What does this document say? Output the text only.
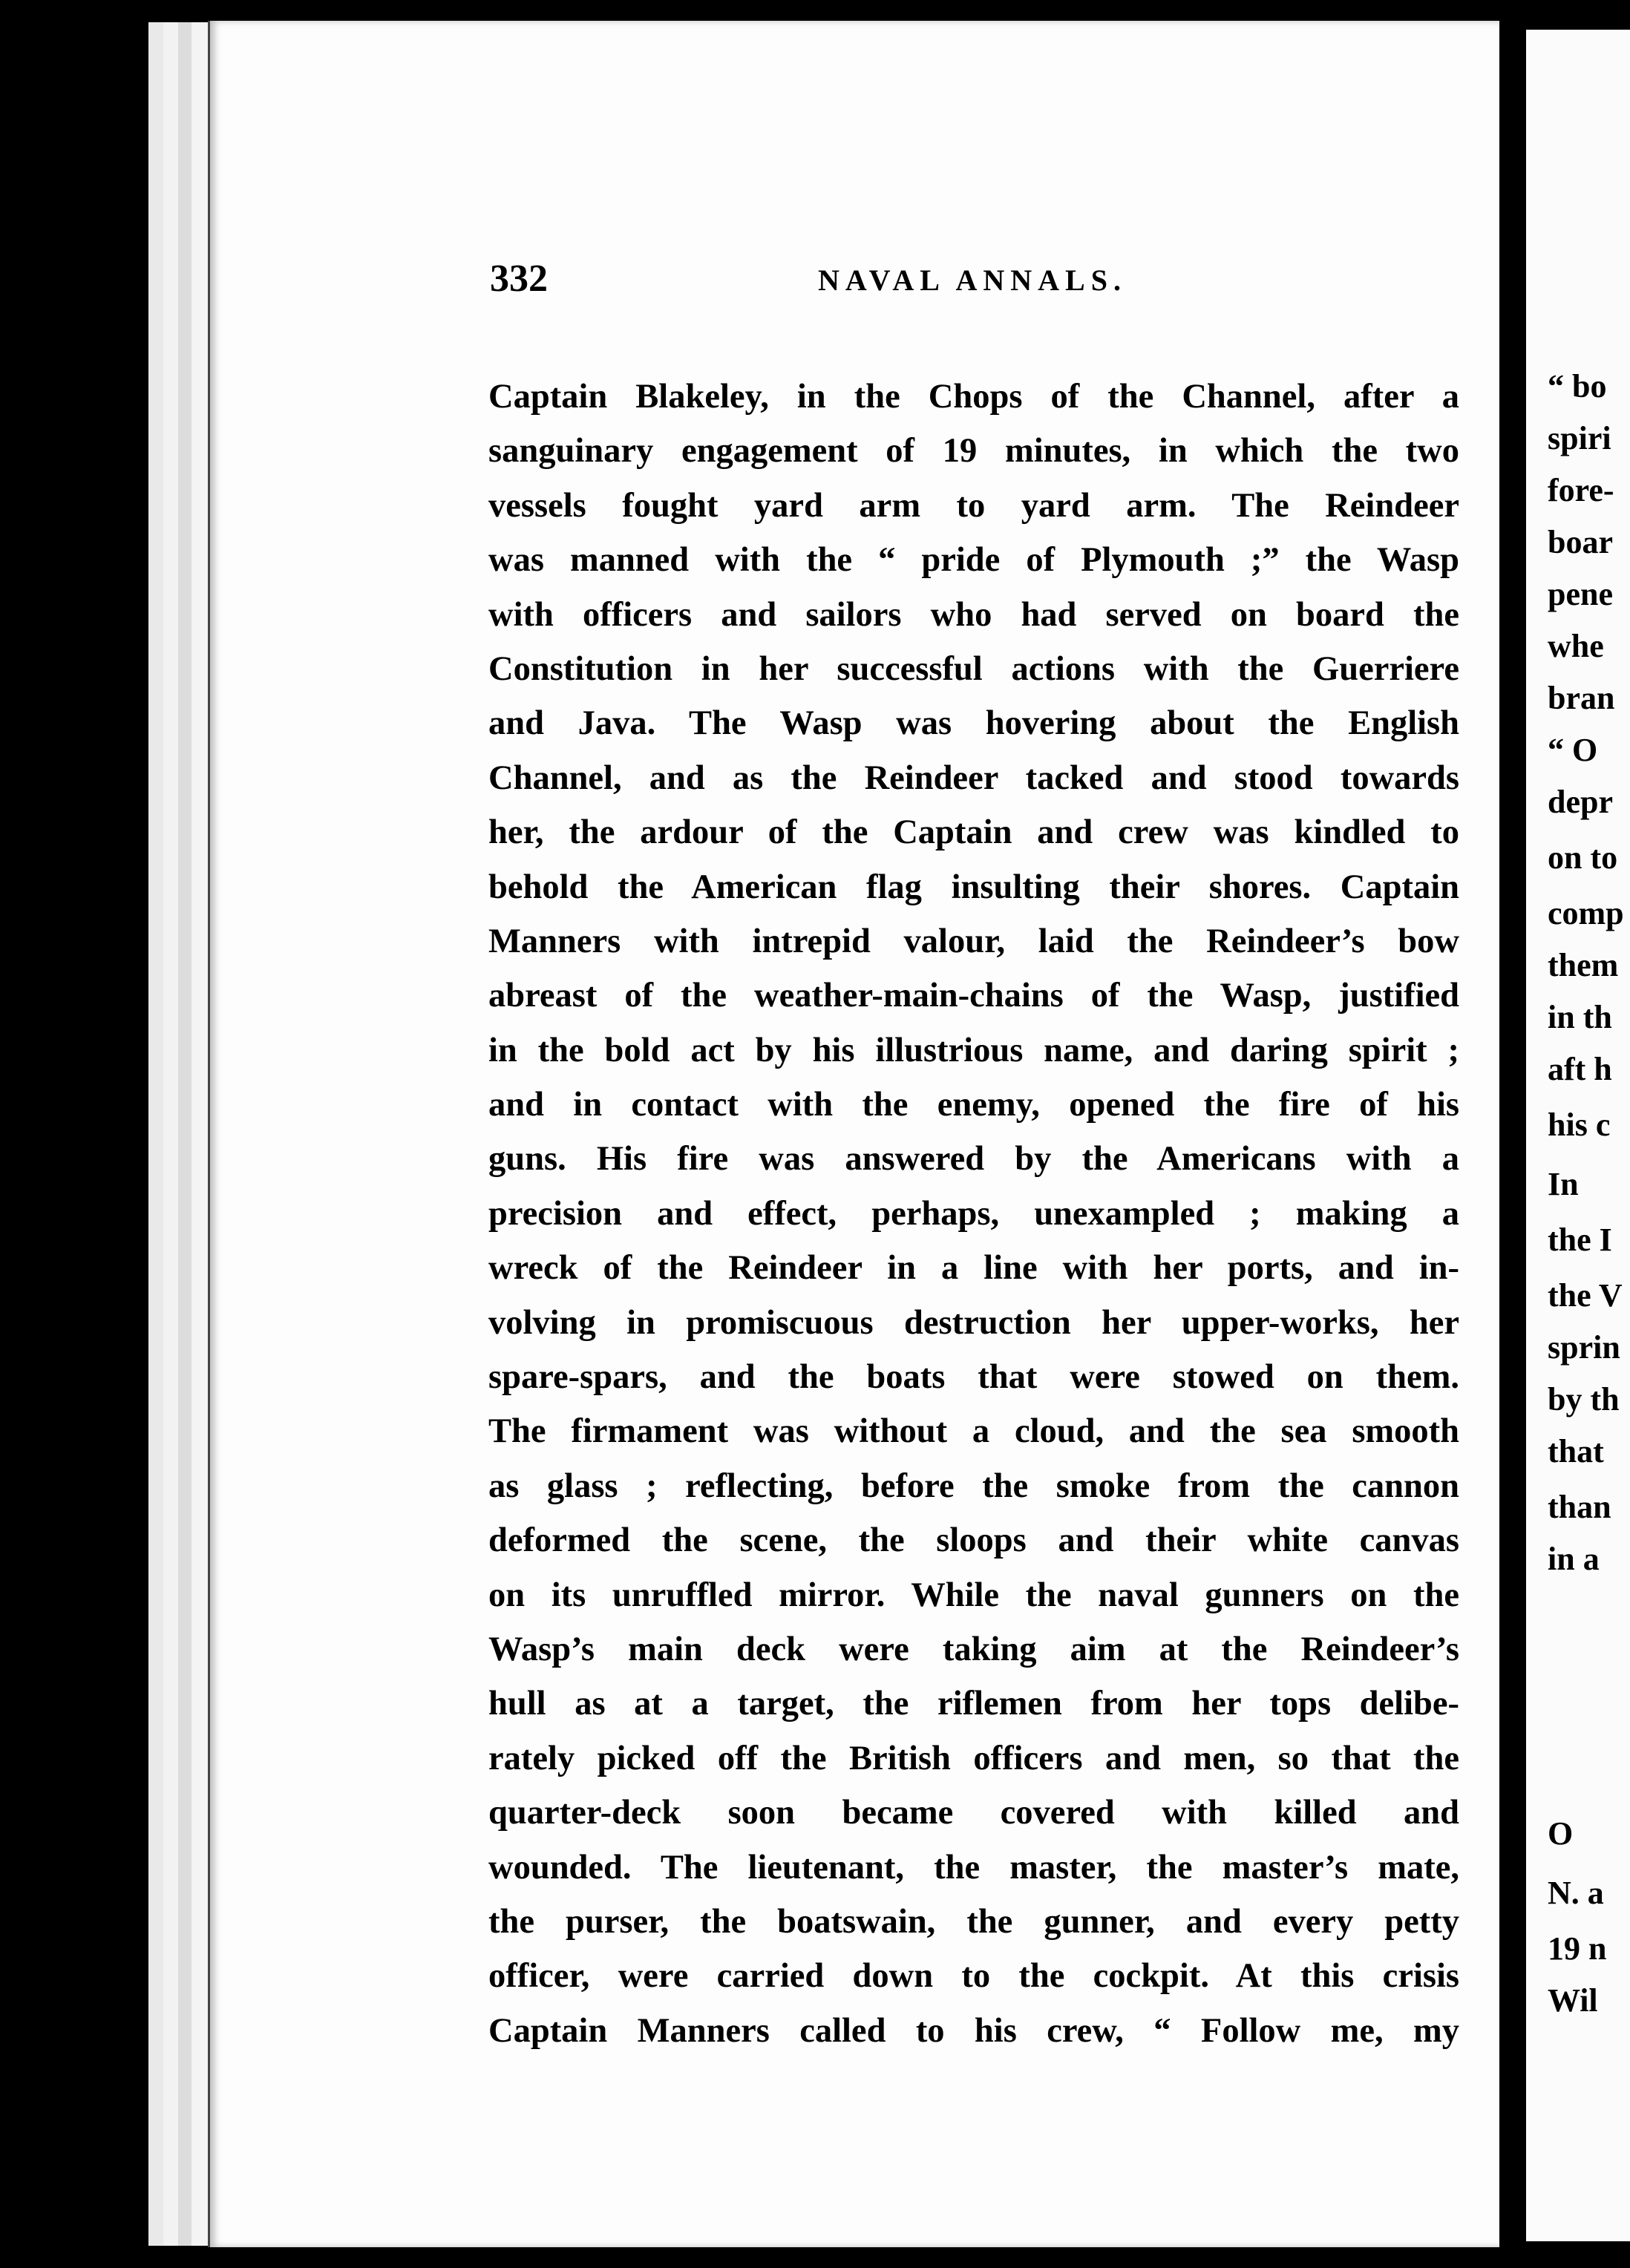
332	NAVAL ANNALS.
Captain Blakeley, in the Chops of the Channel, after a
sanguinary engagement of 19 minutes, in which the two
vessels fought yard arm to yard arm. The Reindeer
was manned with the “ pride of Plymouth ;” the Wasp
with officers and sailors who had served on board the
Constitution in her successful actions with the Guerriere
and Java. The Wasp was hovering about the English
Channel, and as the Reindeer tacked and stood towards
her, the ardour of the Captain and crew was kindled to
behold the American flag insulting their shores. Captain
Manners with intrepid valour, laid the Reindeer’s bow
abreast of the weather-main-chains of the Wasp, justified
in the bold act by his illustrious name, and daring spirit ;
and in contact with the enemy, opened the fire of his
guns. His fire was answered by the Americans with a
precision and effect, perhaps, unexampled ; making a
wreck of the Reindeer in a line with her ports, and in-
volving in promiscuous destruction her upper-works, her
spare-spars, and the boats that were stowed on them.
The firmament was without a cloud, and the sea smooth
as glass ; reflecting, before the smoke from the cannon
deformed the scene, the sloops and their white canvas
on its unruffled mirror. While the naval gunners on the
Wasp’s main deck were taking aim at the Reindeer’s
hull as at a target, the riflemen from her tops delibe-
rately picked off the British officers and men, so that the
quarter-deck soon became covered with killed and
wounded. The lieutenant, the master, the master’s mate,
the purser, the boatswain, the gunner, and every petty
officer, were carried down to the cockpit. At this crisis
Captain Manners called to his crew, “ Follow me, my
“ bo
spiri
fore-
boar
pene
whe
bran
“ O
depr
on to
comp
them
in th
aft h
his c
In
the I
the V
sprin
by th
that
than
in a
O
N. a
19 n
Wil
